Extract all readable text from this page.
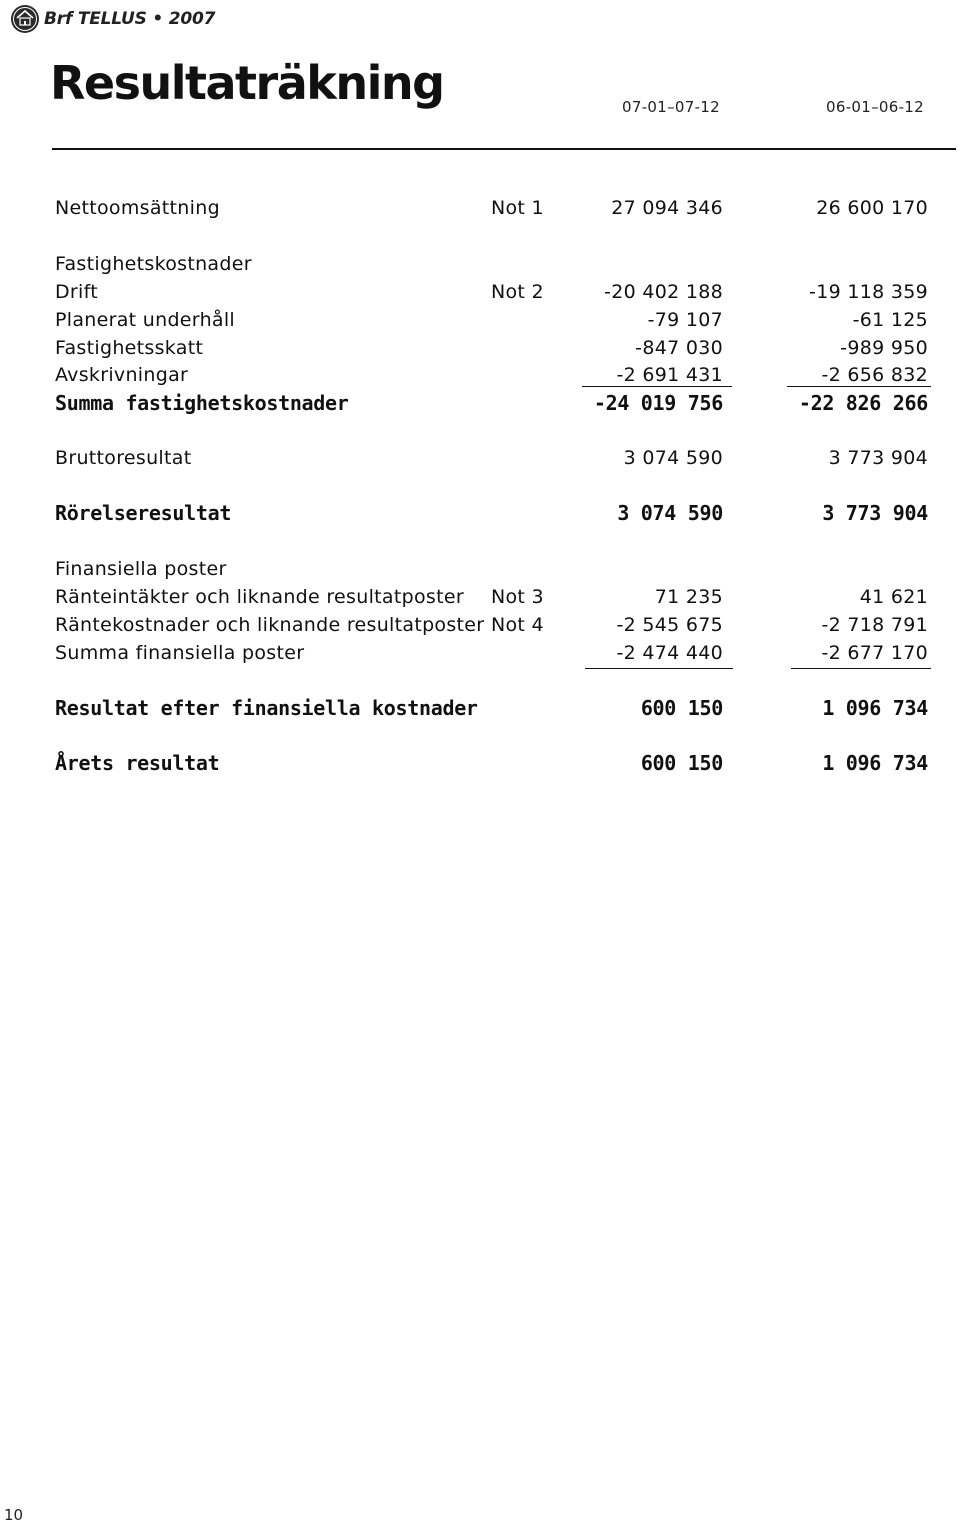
Brf TELLUS • 2007
Resultaträkning	07-01–07-12	06-01–06-12
Nettoomsättning	Not 1	27 094 346	26 600 170
Fastighetskostnader
Drift	Not 2	-20 402 188	-19 118 359
Planerat underhåll	-79 107	-61 125
Fastighetsskatt	-847 030	-989 950
Avskrivningar	-2 691 431	-2 656 832
Summa fastighetskostnader	-24 019 756	-22 826 266
Bruttoresultat	3 074 590	3 773 904
Rörelseresultat	3 074 590	3 773 904
Finansiella poster
Ränteintäkter och liknande resultatposter Not 3	71 235	41 621
Räntekostnader och liknande resultatposter Not 4	-2 545 675	-2 718 791
Summa finansiella poster	-2 474 440	-2 677 170
Resultat efter finansiella kostnader	600 150	1 096 734
Årets resultat	600 150	1 096 734
10
